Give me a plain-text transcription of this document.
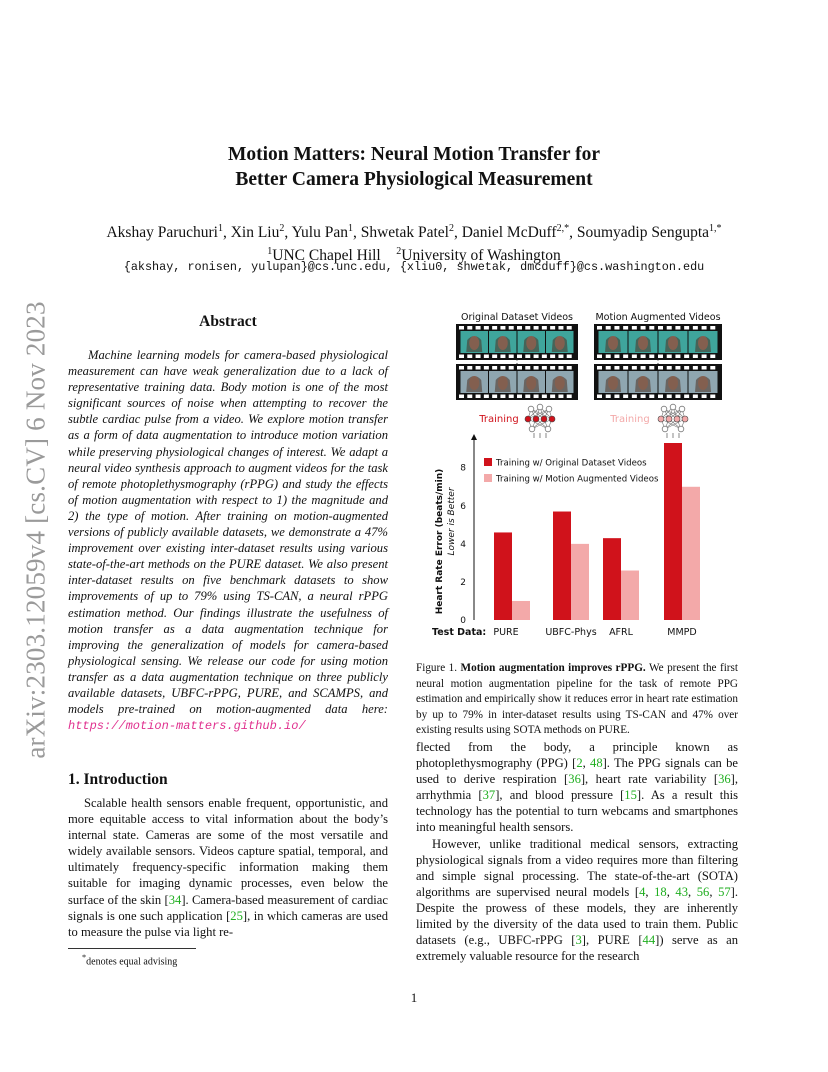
arXiv:2303.12059v4 [cs.CV] 6 Nov 2023
Motion Matters: Neural Motion Transfer for
Better Camera Physiological Measurement
Akshay Paruchuri$^1$, Xin Liu$^2$, Yulu Pan$^1$, Shwetak Patel$^2$, Daniel McDuff$^{2,*}$, Soumyadip Sengupta$^{1,*}$
$^1$UNC Chapel Hill $^2$University of Washington
{akshay, ronisen, yulupan}@cs.unc.edu, {xliu0, shwetak, dmcduff}@cs.washington.edu
Abstract
Machine learning models for camera-based physiological measurement can have weak generalization due to a lack of representative training data. Body motion is one of the most significant sources of noise when attempting to recover the subtle cardiac pulse from a video. We explore motion transfer as a form of data augmentation to introduce motion variation while preserving physiological changes of interest. We adapt a neural video synthesis approach to augment videos for the task of remote photoplethysmography (rPPG) and study the effects of motion augmentation with respect to 1) the magnitude and 2) the type of motion. After training on motion-augmented versions of publicly available datasets, we demonstrate a 47% improvement over existing inter-dataset results using various state-of-the-art methods on the PURE dataset. We also present inter-dataset results on five benchmark datasets to show improvements of up to 79% using TS-CAN, a neural rPPG estimation method. Our findings illustrate the usefulness of motion transfer as a data augmentation technique for improving the generalization of models for camera-based physiological sensing. We release our code for using motion transfer as a data augmentation technique on three publicly available datasets, UBFC-rPPG, PURE, and SCAMPS, and models pre-trained on motion-augmented data here: https://motion-matters.github.io/
1. Introduction
Scalable health sensors enable frequent, opportunistic, and more equitable access to vital information about the body’s internal state. Cameras are some of the most versatile and widely available sensors. Videos capture spatial, temporal, and ultimately frequency-specific information making them suitable for imaging dynamic processes, even below the surface of the skin [34]. Camera-based measurement of cardiac signals is one such application [25], in which cameras are used to measure the pulse via light re-
*denotes equal advising
:	:
Original Dataset Videos Motion Augmented Videos
Training	Training
0
2
4
6
8
Heart Rate Error (beats/min) Lower is Better
PURE	UBFC-Phys AFRL	MMPD
Test Data:
Training w/ Original Dataset Videos
Training w/ Motion Augmented Videos
Figure 1. Motion augmentation improves rPPG. We present the first neural motion augmentation pipeline for the task of remote PPG estimation and empirically show it reduces error in heart rate estimation by up to 79% in inter-dataset results using TS-CAN and 47% over existing results using SOTA methods on PURE.

flected from the body, a principle known as photoplethysmography (PPG) [2, 48]. The PPG signals can be used to derive respiration [36], heart rate variability [36], arrhythmia [37], and blood pressure [15]. As a result this technology has the potential to turn webcams and smartphones into meaningful health sensors.

However, unlike traditional medical sensors, extracting physiological signals from a video requires more than filtering and simple signal processing. The state-of-the-art (SOTA) algorithms are supervised neural models [4, 18, 43, 56, 57]. Despite the prowess of these models, they are inherently limited by the diversity of the data used to train them. Public datasets (e.g., UBFC-rPPG [3], PURE [44]) serve as an extremely valuable resource for the research

1
